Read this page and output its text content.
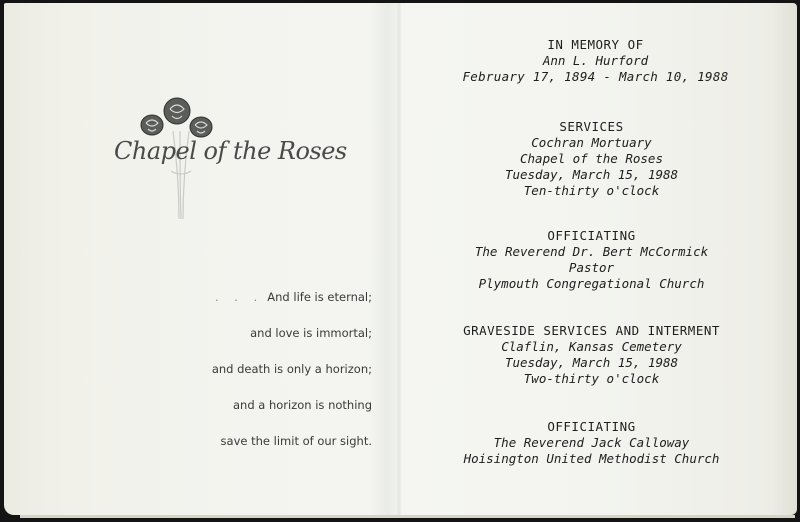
Chapel of the Roses
. . . And life is eternal;
and love is immortal;
and death is only a horizon;
and a horizon is nothing
save the limit of our sight.
IN MEMORY OF
Ann L. Hurford
February 17, 1894 - March 10, 1988
SERVICES
Cochran Mortuary
Chapel of the Roses
Tuesday, March 15, 1988
Ten-thirty o'clock
OFFICIATING
The Reverend Dr. Bert McCormick
Pastor
Plymouth Congregational Church
GRAVESIDE SERVICES AND INTERMENT
Claflin, Kansas Cemetery
Tuesday, March 15, 1988
Two-thirty o'clock
OFFICIATING
The Reverend Jack Calloway
Hoisington United Methodist Church
